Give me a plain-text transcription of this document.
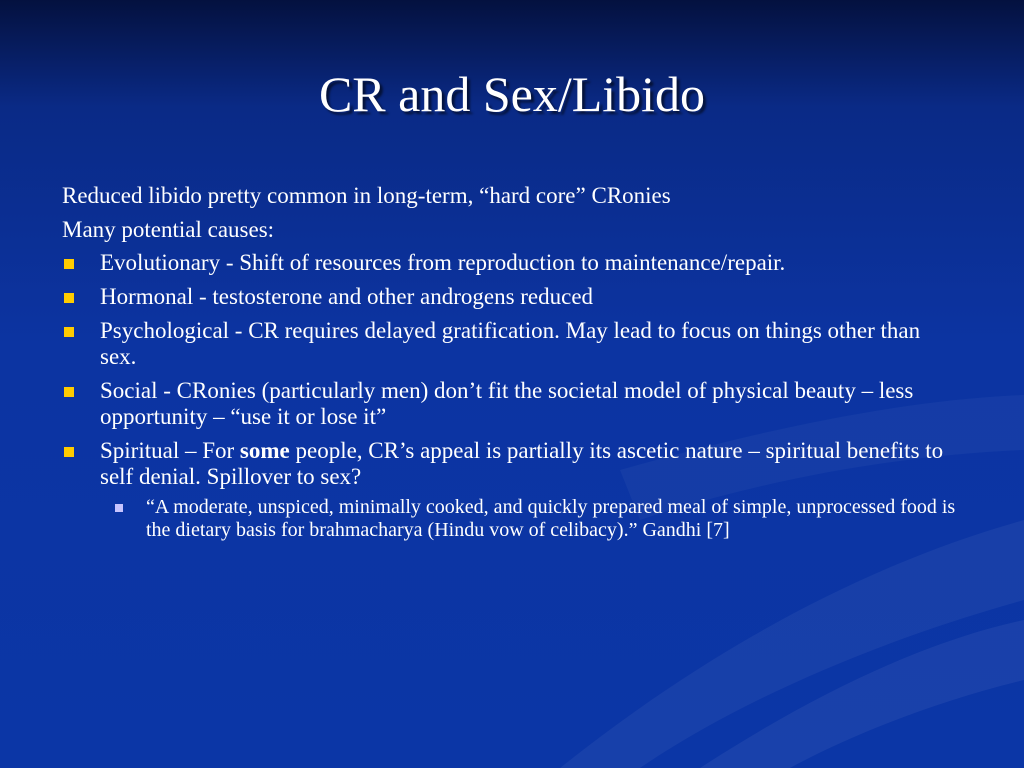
CR and Sex/Libido

Reduced libido pretty common in long-term, “hard core” CRonies

Many potential causes:

Evolutionary - Shift of resources from reproduction to maintenance/repair.
Hormonal - testosterone and other androgens reduced
Psychological - CR requires delayed gratification. May lead to focus on things other than sex.
Social - CRonies (particularly men) don’t fit the societal model of physical beauty – less opportunity – “use it or lose it”
Spiritual – For some people, CR’s appeal is partially its ascetic nature – spiritual benefits to self denial. Spillover to sex?
“A moderate, unspiced, minimally cooked, and quickly prepared meal of simple, unprocessed food is the dietary basis for brahmacharya (Hindu vow of celibacy).” Gandhi [7]
